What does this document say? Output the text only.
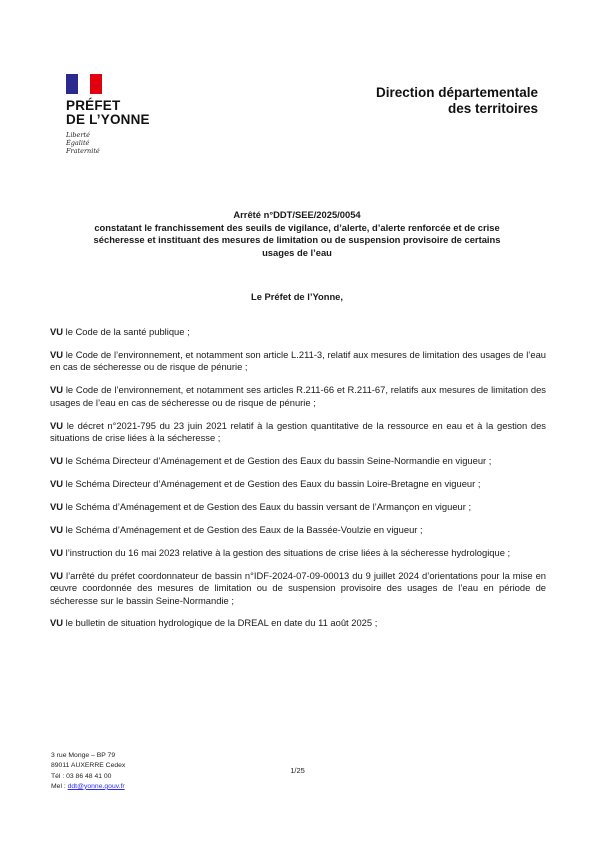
PRÉFET
DE L’YONNE
Liberté
Égalité
Fraternité
Direction départementale
des territoires
Arrêté n°DDT/SEE/2025/0054
constatant le franchissement des seuils de vigilance, d’alerte, d’alerte renforcée et de crise
sécheresse et instituant des mesures de limitation ou de suspension provisoire de certains
usages de l’eau
Le Préfet de l’Yonne,
VU le Code de la santé publique ;
VU le Code de l’environnement, et notamment son article L.211-3, relatif aux mesures de limitation des usages de l’eau en cas de sécheresse ou de risque de pénurie ;
VU le Code de l’environnement, et notamment ses articles R.211-66 et R.211-67, relatifs aux mesures de limitation des usages de l’eau en cas de sécheresse ou de risque de pénurie ;
VU le décret n°2021-795 du 23 juin 2021 relatif à la gestion quantitative de la ressource en eau et à la gestion des situations de crise liées à la sécheresse ;
VU le Schéma Directeur d’Aménagement et de Gestion des Eaux du bassin Seine-Normandie en vigueur ;
VU le Schéma Directeur d’Aménagement et de Gestion des Eaux du bassin Loire-Bretagne en vigueur ;
VU le Schéma d’Aménagement et de Gestion des Eaux du bassin versant de l’Armançon en vigueur ;
VU le Schéma d’Aménagement et de Gestion des Eaux de la Bassée-Voulzie en vigueur ;
VU l’instruction du 16 mai 2023 relative à la gestion des situations de crise liées à la sécheresse hydrologique ;
VU l’arrêté du préfet coordonnateur de bassin n°IDF-2024-07-09-00013 du 9 juillet 2024 d’orientations pour la mise en œuvre coordonnée des mesures de limitation ou de suspension provisoire des usages de l’eau en période de sécheresse sur le bassin Seine-Normandie ;
VU le bulletin de situation hydrologique de la DREAL en date du 11 août 2025 ;
3 rue Monge – BP 79
89011 AUXERRE Cedex
Tél : 03 86 48 41 00
Mel : ddt@yonne.gouv.fr
1/25
